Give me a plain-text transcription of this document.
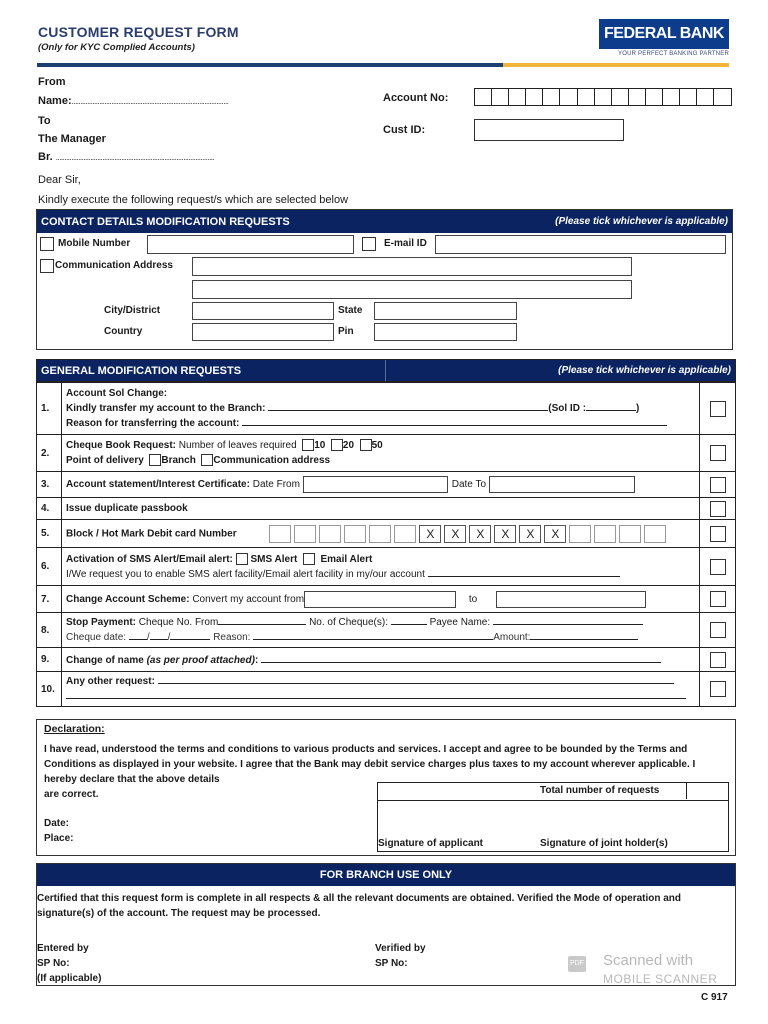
CUSTOMER REQUEST FORM
(Only for KYC Complied Accounts)
FEDERAL BANK
YOUR PERFECT BANKING PARTNER
From
Name:...........................................................................................
To
The Manager
Br. ............................................................................................
Account No:
Cust ID:
Dear Sir,
Kindly execute the following request/s which are selected below
CONTACT DETAILS MODIFICATION REQUESTS	(Please tick whichever is applicable)
Mobile Number	E-mail ID
Communication Address
City/District	State
Country	Pin
GENERAL MODIFICATION REQUESTS	(Please tick whichever is applicable)
1.	Account Sol Change:
Kindly transfer my account to the Branch: (Sol ID : )
Reason for transferring the account:	

2.	Cheque Book Request: Number of leaves required 10 20 50
Point of delivery Branch Communication address	

3.	Account statement/Interest Certificate: Date From Date To	
4.	Issue duplicate passbook	
5.	Block / Hot Mark Debit card Number	X	X	X	X	X	X

6.	Activation of SMS Alert/Email alert: SMS Alert Email Alert
I/We request you to enable SMS alert facility/Email alert facility in my/our account	

7.	Change Account Scheme: Convert my account from to	
8.	Stop Payment: Cheque No. From No. of Cheque(s): Payee Name:
Cheque date: / / Reason: Amount:	

9.	Change of name (as per proof attached):	
10.	Any other request:	

Declaration:
I have read, understood the terms and conditions to various products and services. I accept and agree to be bounded by the Terms and Conditions as displayed in your website. I agree that the Bank may debit service charges plus taxes to my account wherever applicable. I hereby declare that the above details
are correct.
Date:
Place:
Total number of requests
Signature of applicant	Signature of joint holder(s)
FOR BRANCH USE ONLY
Certified that this request form is complete in all respects & all the relevant documents are obtained. Verified the Mode of operation and signature(s) of the account. The request may be processed.
Entered by
SP No:
(If applicable)
Verified by
SP No:	PDF Scanned with
MOBILE SCANNER
C 917
